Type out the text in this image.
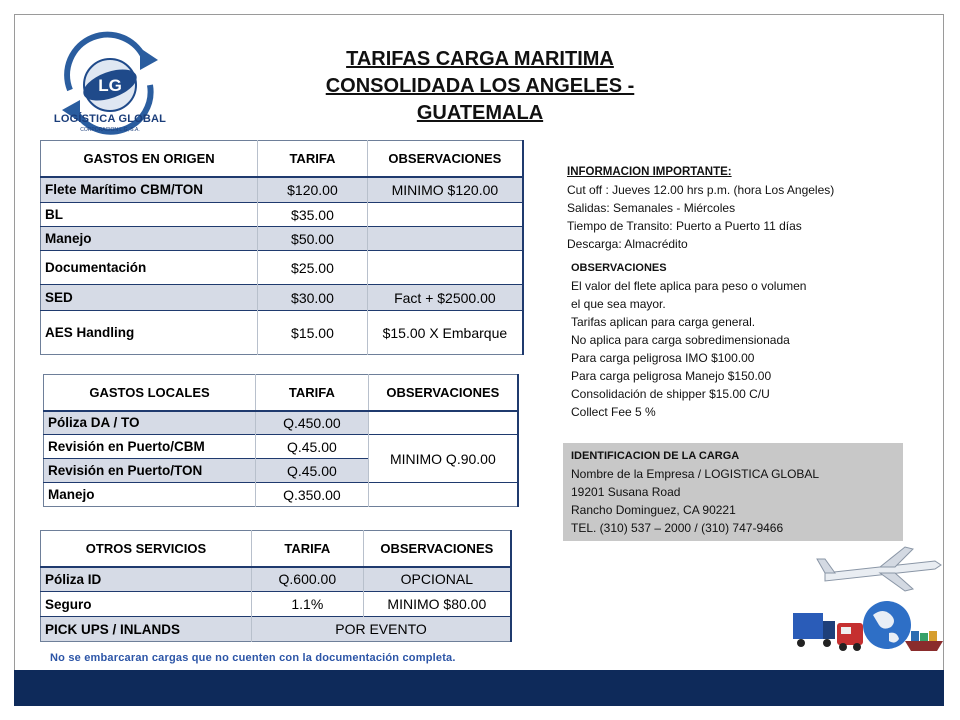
LG
LOGÍSTICA GLOBAL
CORPORACION L.G, S.A.
TARIFAS CARGA MARITIMA
CONSOLIDADA LOS ANGELES -
GUATEMALA
GASTOS EN ORIGEN	TARIFA	OBSERVACIONES
Flete Marítimo CBM/TON	$120.00	MINIMO $120.00
BL	$35.00	
Manejo	$50.00	
Documentación	$25.00	
SED	$30.00	Fact + $2500.00
AES Handling	$15.00	$15.00 X Embarque
GASTOS LOCALES	TARIFA	OBSERVACIONES
Póliza DA / TO	Q.450.00	
Revisión en Puerto/CBM	Q.45.00	MINIMO Q.90.00
Revisión en Puerto/TON	Q.45.00	
Manejo	Q.350.00	
OTROS SERVICIOS	TARIFA	OBSERVACIONES
Póliza ID	Q.600.00	OPCIONAL
Seguro	1.1%	MINIMO $80.00
PICK UPS / INLANDS	POR EVENTO	
INFORMACION IMPORTANTE:
Cut off : Jueves 12.00 hrs p.m. (hora Los Angeles)
Salidas: Semanales - Miércoles
Tiempo de Transito: Puerto a Puerto 11 días
Descarga: Almacrédito
OBSERVACIONES
El valor del flete aplica para peso o volumen
el que sea mayor.
Tarifas aplican para carga general.
No aplica para carga sobredimensionada
Para carga peligrosa IMO $100.00
Para carga peligrosa Manejo $150.00
Consolidación de shipper $15.00 C/U
Collect Fee 5 %
IDENTIFICACION DE LA CARGA
Nombre de la Empresa / LOGISTICA GLOBAL
19201 Susana Road
Rancho Dominguez, CA 90221
TEL. (310) 537 – 2000 / (310) 747-9466
No se embarcaran cargas que no cuenten con la documentación completa.
